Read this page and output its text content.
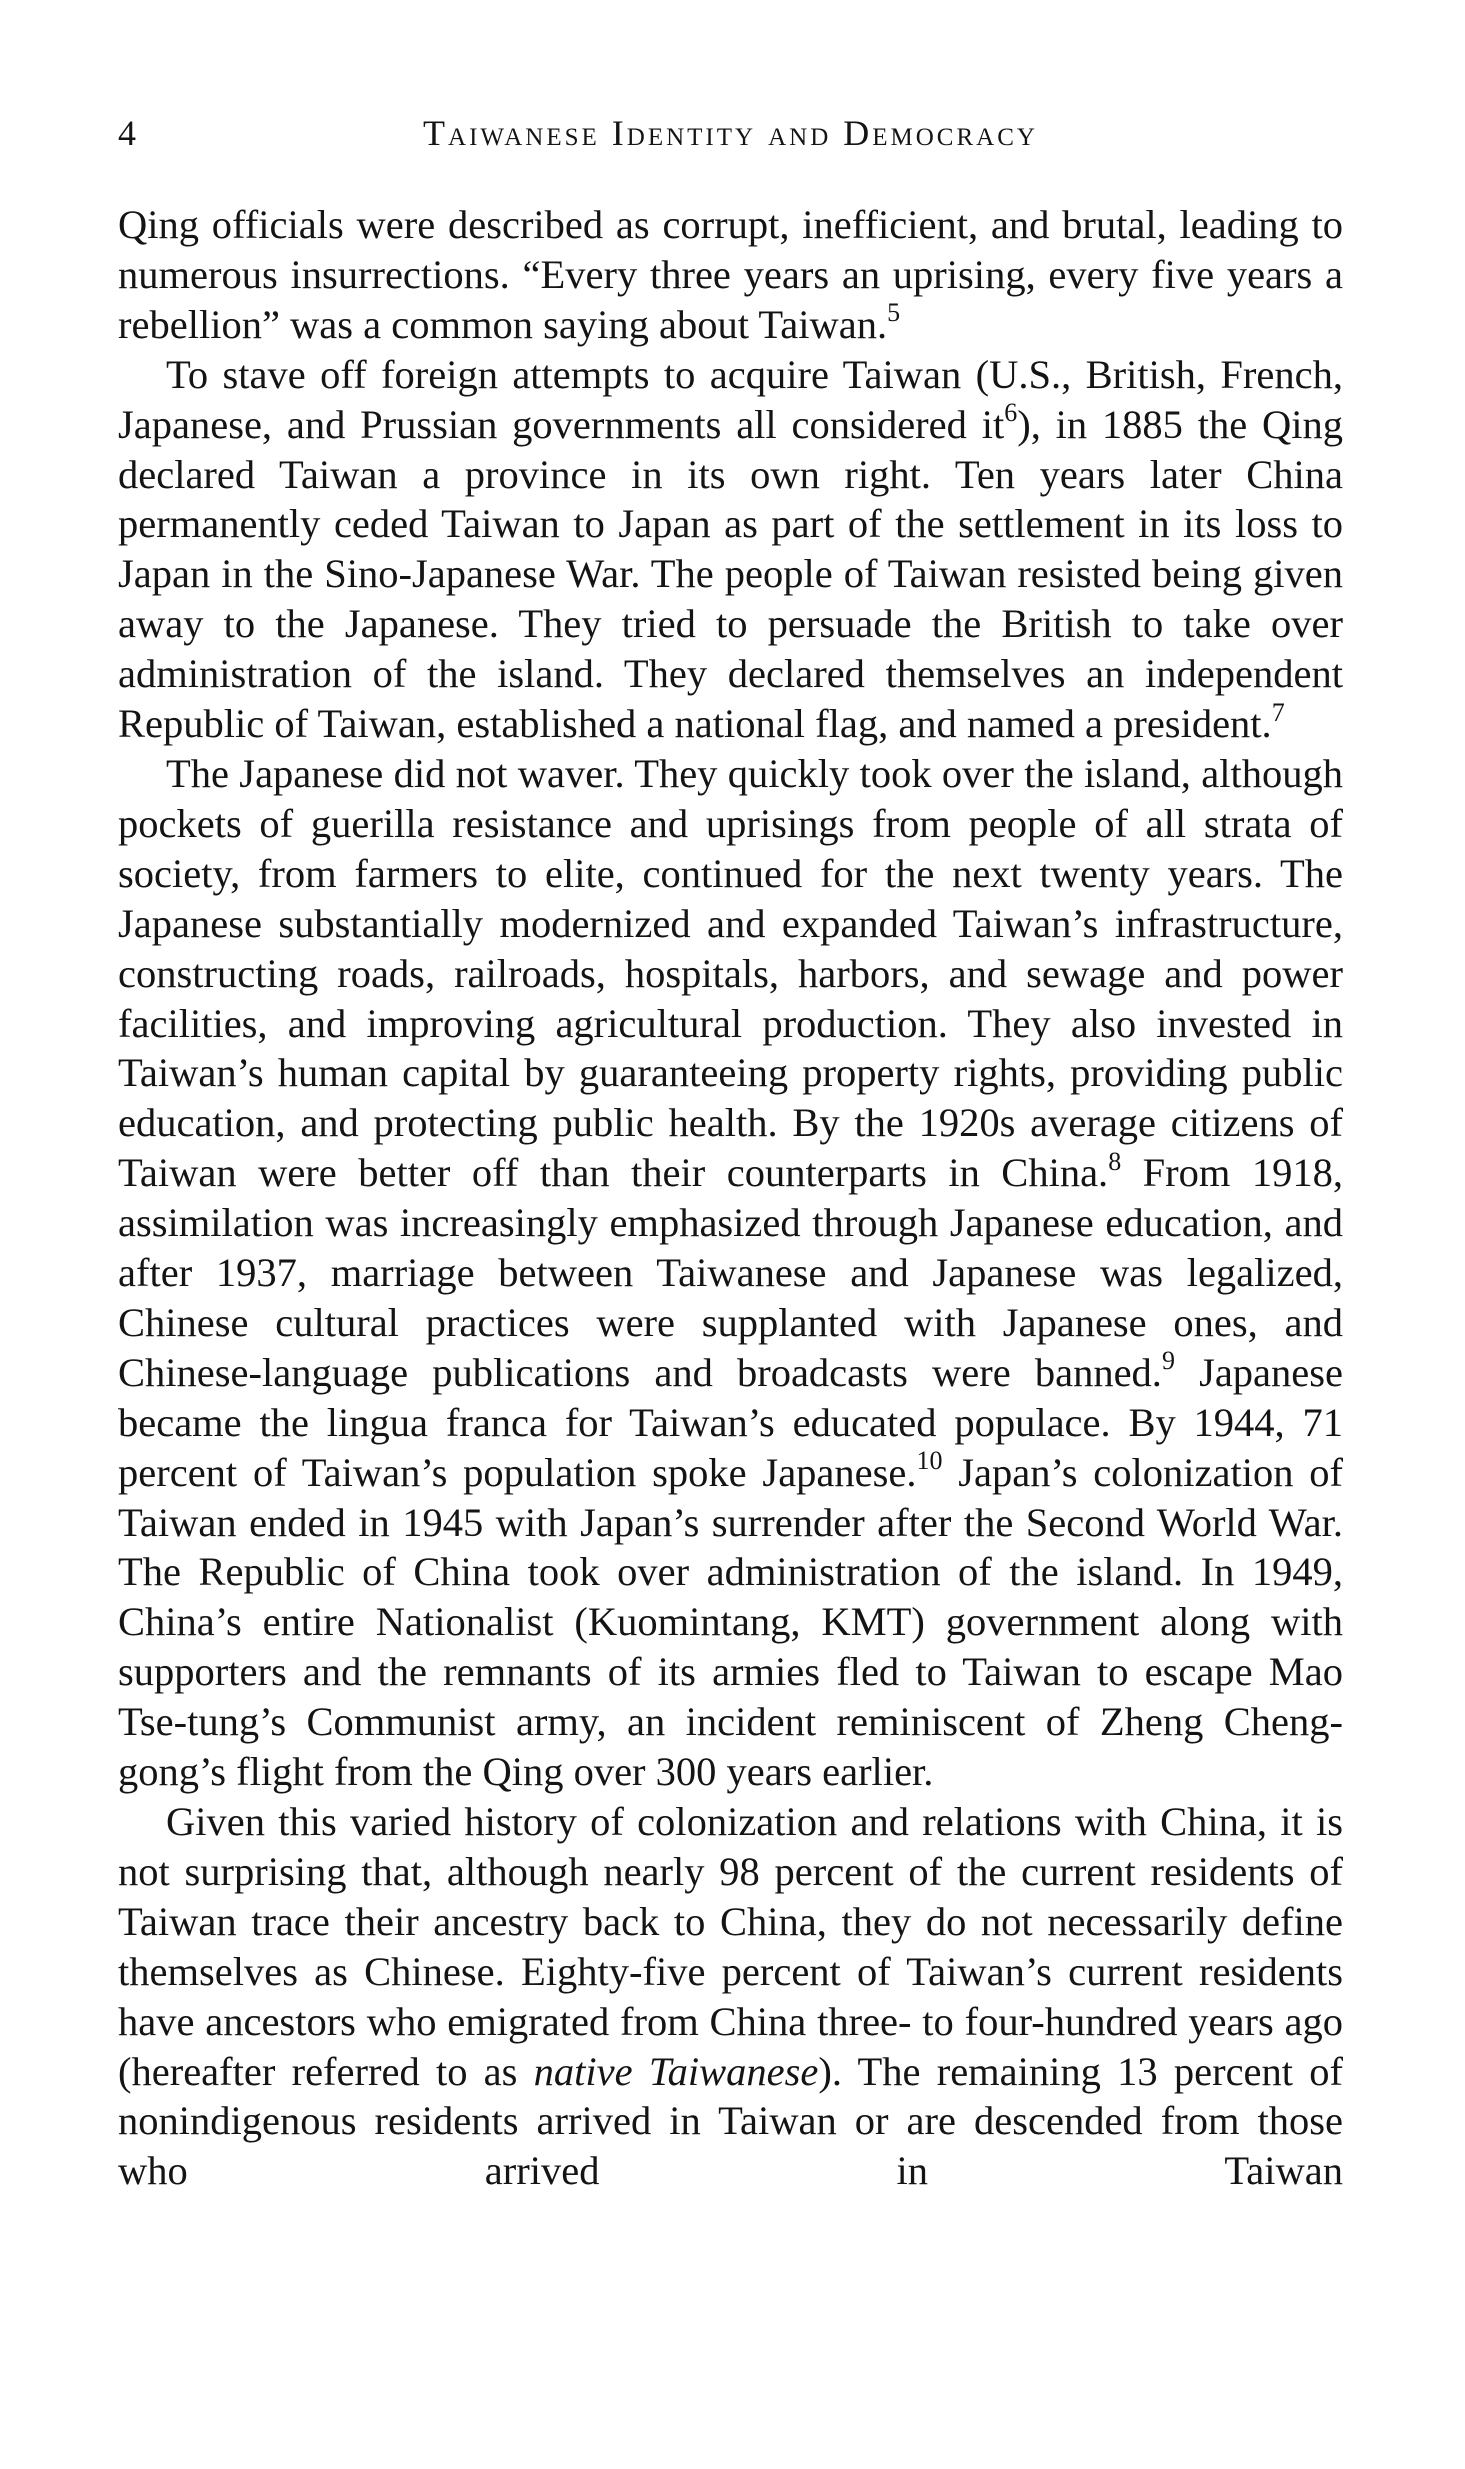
4	Taiwanese Identity and Democracy

Qing officials were described as corrupt, inefficient, and brutal, leading to numerous insurrections. “Every three years an uprising, every five years a rebellion” was a common saying about Taiwan.$^5$

To stave off foreign attempts to acquire Taiwan (U.S., British, French, Japanese, and Prussian governments all considered $it^6$), in 1885 the Qing declared Taiwan a province in its own right. Ten years later China permanently ceded Taiwan to Japan as part of the settlement in its loss to Japan in the Sino-Japanese War. The people of Taiwan resisted being given away to the Japanese. They tried to persuade the British to take over administration of the island. They declared themselves an independent Republic of Taiwan, established a national flag, and named a president.$^7$

The Japanese did not waver. They quickly took over the island, although pockets of guerilla resistance and uprisings from people of all strata of society, from farmers to elite, continued for the next twenty years. The Japanese substantially modernized and expanded Taiwan’s infrastructure, constructing roads, railroads, hospitals, harbors, and sewage and power facilities, and improving agricultural production. They also invested in Taiwan’s human capital by guaranteeing property rights, providing public education, and protecting public health. By the 1920s average citizens of Taiwan were better off than their counterparts in China.$^8$ From 1918, assimilation was increasingly emphasized through Japanese education, and after 1937, marriage between Taiwanese and Japanese was legalized, Chinese cultural practices were supplanted with Japanese ones, and Chinese-language publications and broadcasts were banned.$^9$ Japanese became the lingua franca for Taiwan’s educated populace. By 1944, 71 percent of Taiwan’s population spoke Japanese.$^{10}$ Japan’s colonization of Taiwan ended in 1945 with Japan’s surrender after the Second World War. The Republic of China took over administration of the island. In 1949, China’s entire Nationalist (Kuomintang, KMT) government along with supporters and the remnants of its armies fled to Taiwan to escape Mao Tse-tung’s Communist army, an incident reminiscent of Zheng Cheng-gong’s flight from the Qing over 300 years earlier.

Given this varied history of colonization and relations with China, it is not surprising that, although nearly 98 percent of the current residents of Taiwan trace their ancestry back to China, they do not necessarily define themselves as Chinese. Eighty-five percent of Taiwan’s current residents have ancestors who emigrated from China three- to four-hundred years ago (hereafter referred to as native Taiwanese). The remaining 13 percent of nonindigenous residents arrived in Taiwan or are descended from those who arrived in Taiwan
